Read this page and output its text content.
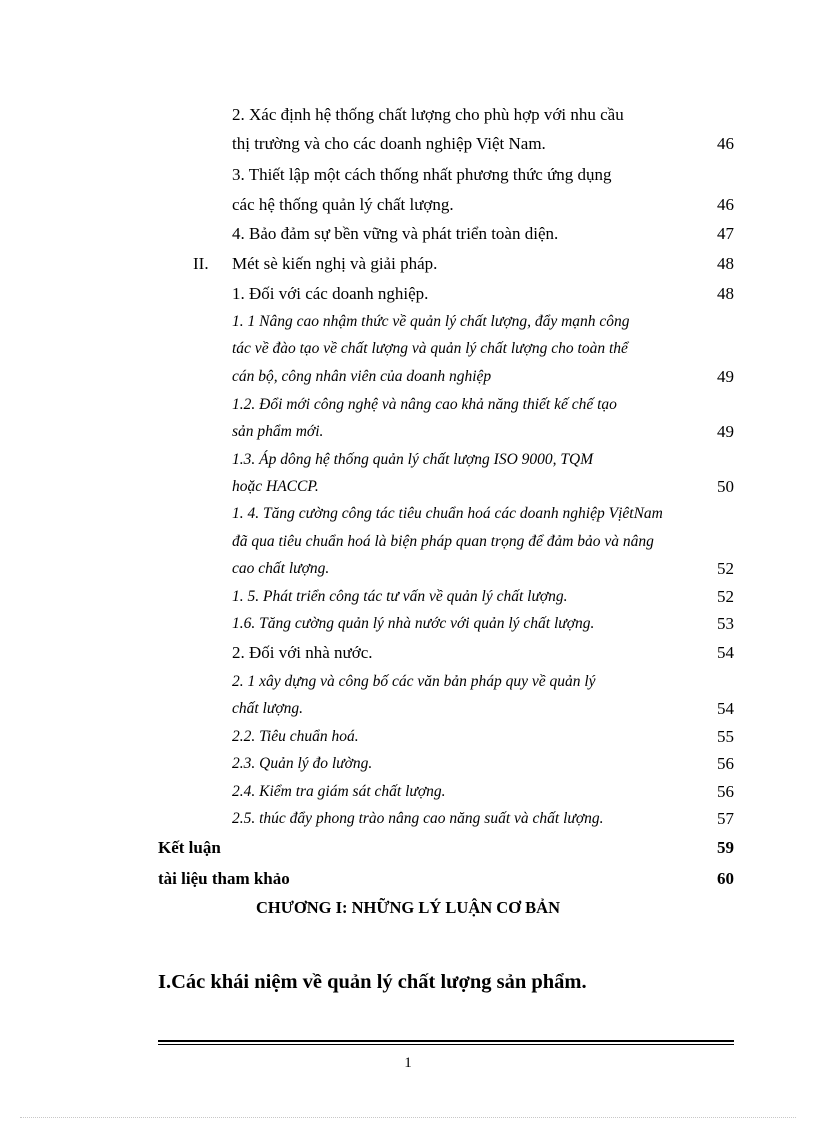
2. Xác định hệ thống chất lượng cho phù hợp với nhu cầu
thị trường và cho các doanh nghiệp Việt Nam.	46
3. Thiết lập một cách thống nhất phương thức ứng dụng
các hệ thống quản lý chất lượng.	46
4. Bảo đảm sự bền vững và phát triển toàn diện.	47
II. Mét sè kiến nghị và giải pháp.	48
1. Đối với các doanh nghiệp.	48
1. 1 Nâng cao nhậm thức về quản lý chất lượng, đẩy mạnh công
tác về đào tạo về chất lượng và quản lý chất lượng cho toàn thể
cán bộ, công nhân viên của doanh nghiệp	49
1.2. Đổi mới công nghệ và nâng cao khả năng thiết kế chế tạo
sản phẩm mới.	49
1.3. Áp dông hệ thống quản lý chất lượng ISO 9000, TQM
hoặc HACCP.	50
1. 4. Tăng cường công tác tiêu chuẩn hoá các doanh nghiệp VịêtNam
đã qua tiêu chuẩn hoá là biện pháp quan trọng để đảm bảo và nâng
cao chất lượng.	52
1. 5. Phát triển công tác tư vấn về quản lý chất lượng.	52
1.6. Tăng cường quản lý nhà nước với quản lý chất lượng.	53
2. Đối với nhà nước.	54
2. 1 xây dựng và công bố các văn bản pháp quy về quản lý
chất lượng.	54
2.2. Tiêu chuẩn hoá.	55
2.3. Quản lý đo lường.	56
2.4. Kiểm tra giám sát chất lượng.	56
2.5. thúc đẩy phong trào nâng cao năng suất và chất lượng.	57
Kết luận	59
tài liệu tham khảo	60
CHƯƠNG I: NHỮNG LÝ LUẬN CƠ BẢN
I.Các khái niệm về quản lý chất lượng sản phẩm.
1
